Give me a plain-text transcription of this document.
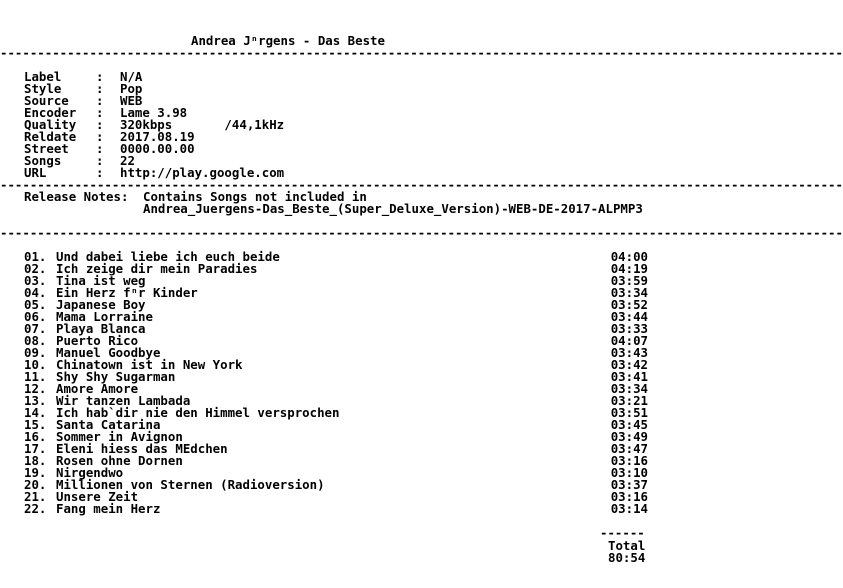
Andrea Jⁿrgens - Das Beste
-----------------------------------------------------------------------------------------------------------------
Label	: N/A
Style	: Pop
Source	: WEB
Encoder	: Lame 3.98
Quality	: 320kbps       /44,1kHz
Reldate	: 2017.08.19
Street	: 0000.00.00
Songs	: 22
URL	: http://play.google.com
-----------------------------------------------------------------------------------------------------------------
Release Notes:	Contains Songs not included in
Andrea_Juergens-Das_Beste_(Super_Deluxe_Version)-WEB-DE-2017-ALPMP3
-----------------------------------------------------------------------------------------------------------------
01. Und dabei liebe ich euch beide	04:00
02. Ich zeige dir mein Paradies	04:19
03. Tina ist weg	03:59
04. Ein Herz fⁿr Kinder	03:34
05. Japanese Boy	03:52
06. Mama Lorraine	03:44
07. Playa Blanca	03:33
08. Puerto Rico	04:07
09. Manuel Goodbye	03:43
10. Chinatown ist in New York	03:42
11. Shy Shy Sugarman	03:41
12. Amore Amore	03:34
13. Wir tanzen Lambada	03:21
14. Ich hab`dir nie den Himmel versprochen	03:51
15. Santa Catarina	03:45
16. Sommer in Avignon	03:49
17. Eleni hiess das MEdchen	03:47
18. Rosen ohne Dornen	03:16
19. Nirgendwo	03:10
20. Millionen von Sternen (Radioversion)	03:37
21. Unsere Zeit	03:16
22. Fang mein Herz	03:14
------
Total
80:54
